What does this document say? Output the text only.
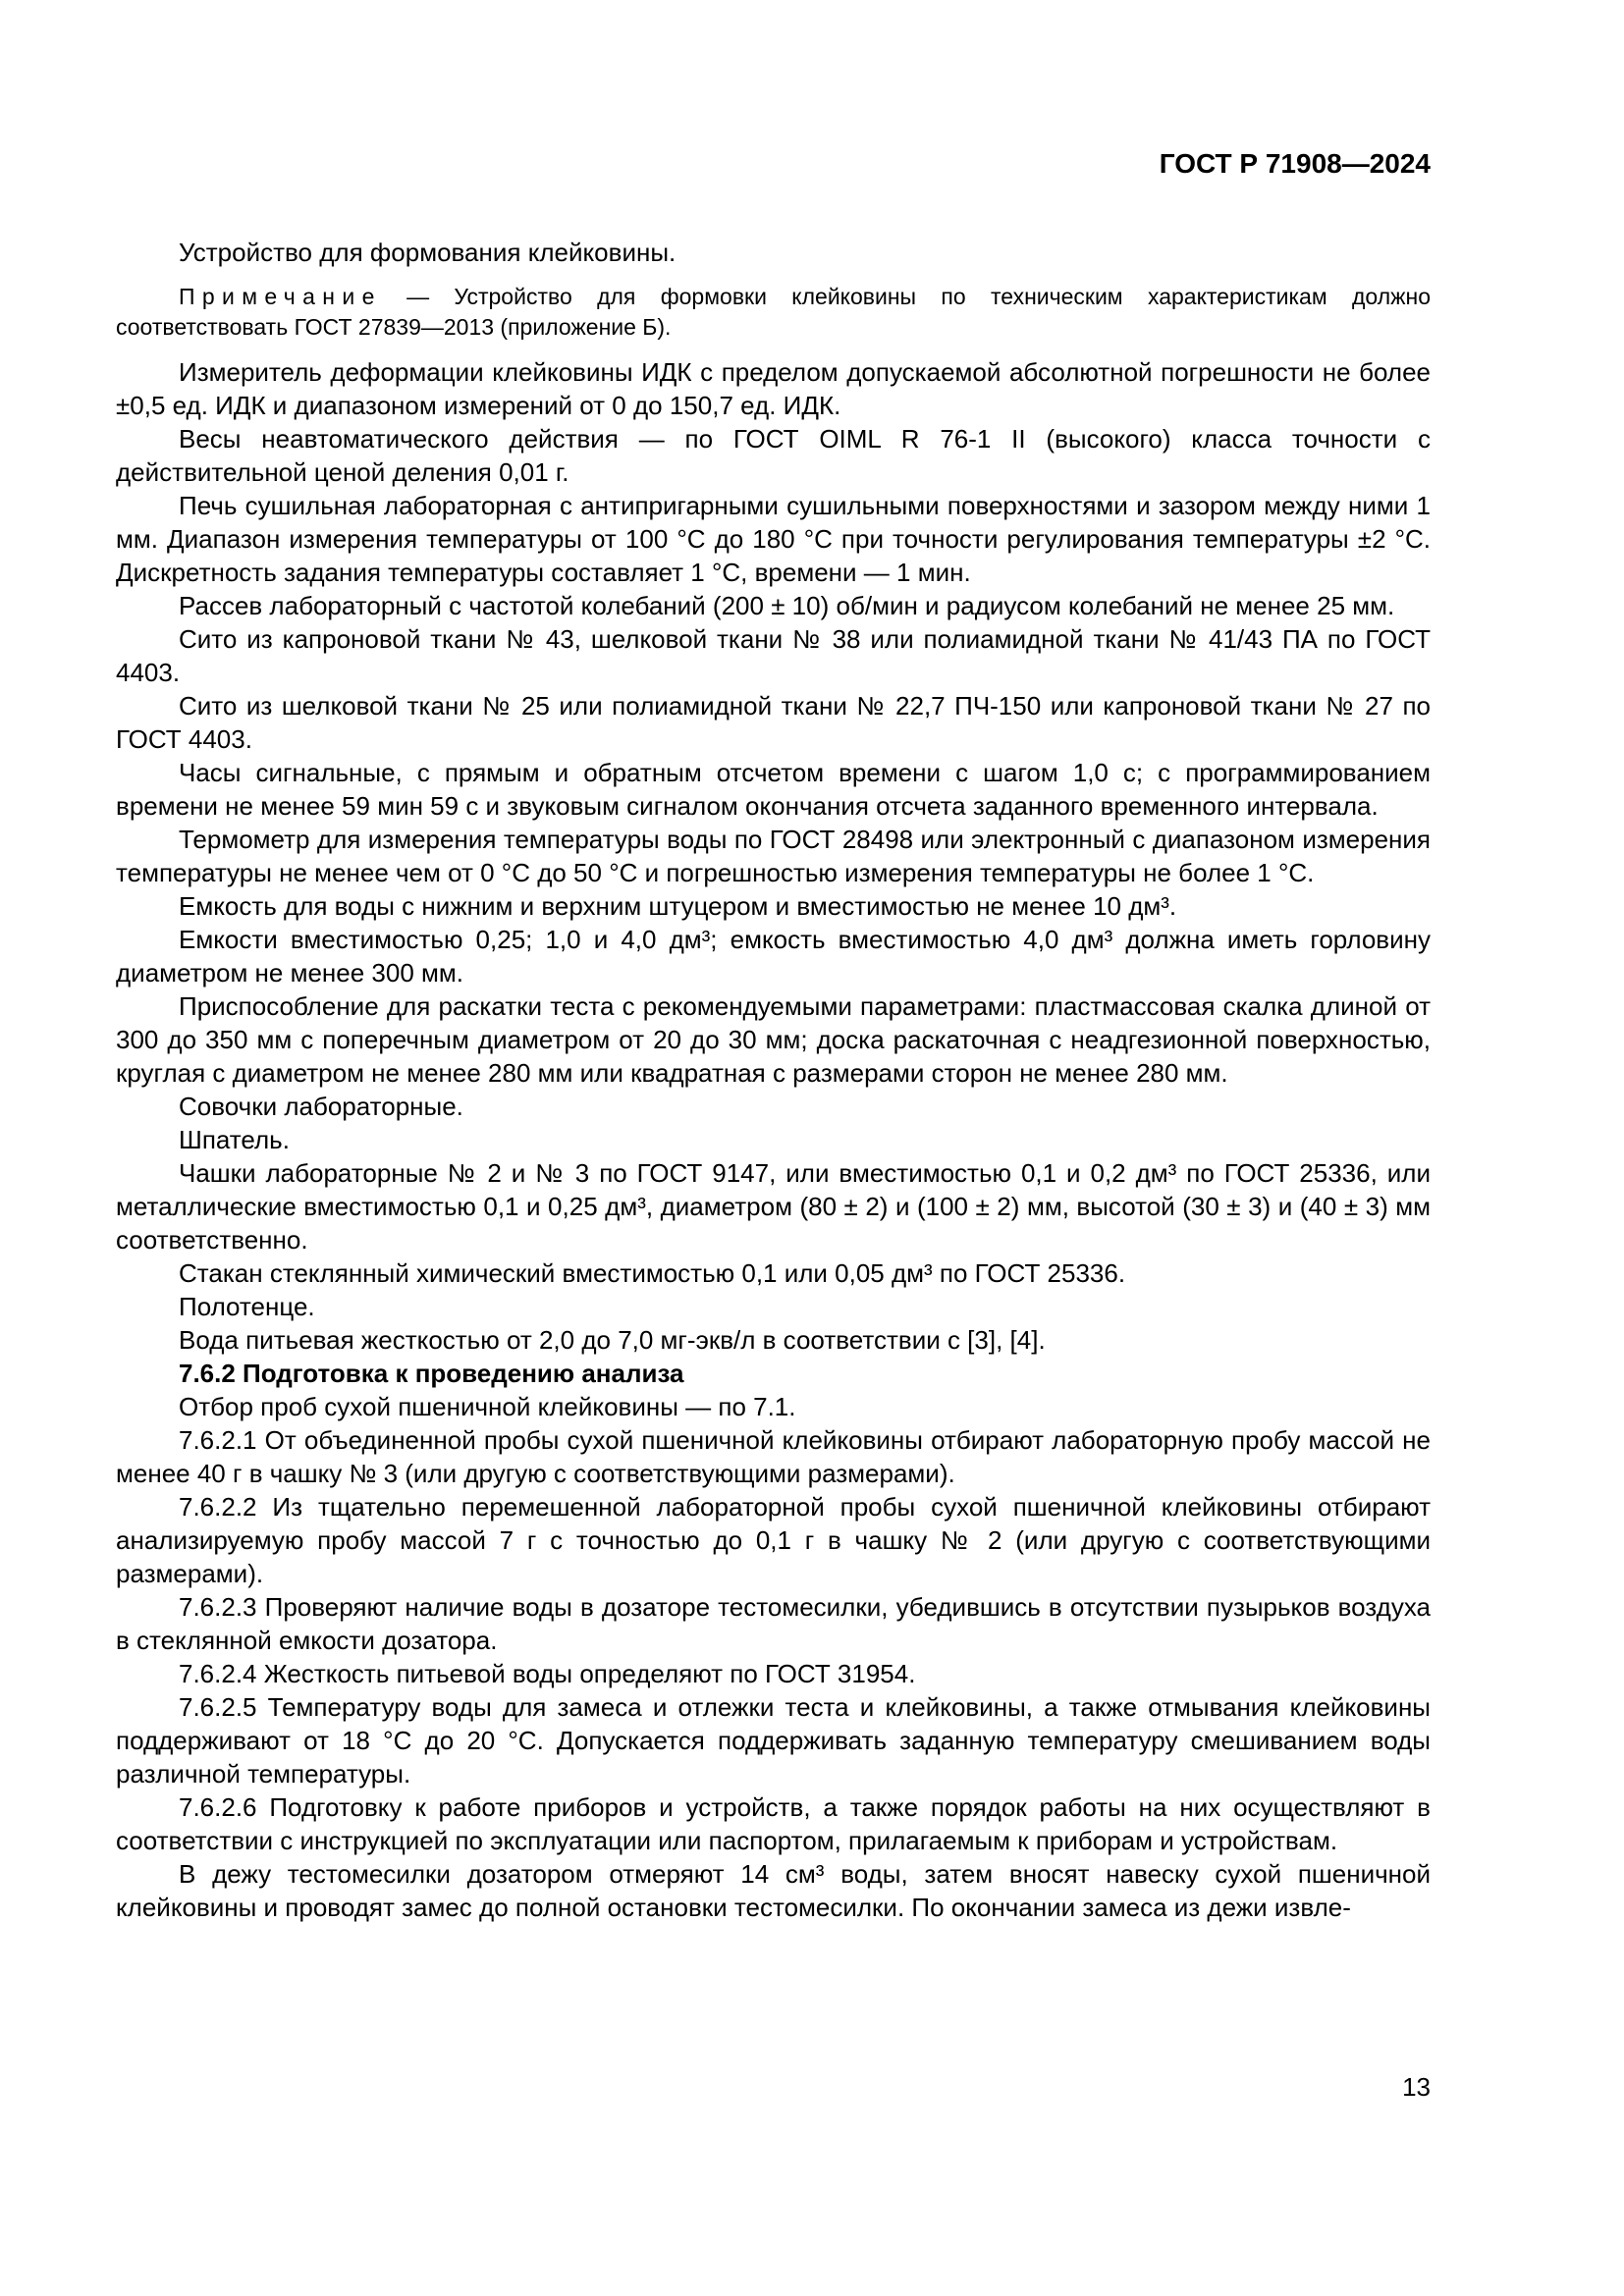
ГОСТ Р 71908—2024

Устройство для формования клейковины.

Примечание — Устройство для формовки клейковины по техническим характеристикам должно соответствовать ГОСТ 27839—2013 (приложение Б).

Измеритель деформации клейковины ИДК с пределом допускаемой абсолютной погрешности не более ±0,5 ед. ИДК и диапазоном измерений от 0 до 150,7 ед. ИДК.

Весы неавтоматического действия — по ГОСТ OIML R 76-1 II (высокого) класса точности с действительной ценой деления 0,01 г.

Печь сушильная лабораторная с антипригарными сушильными поверхностями и зазором между ними 1 мм. Диапазон измерения температуры от 100 °C до 180 °C при точности регулирования температуры ±2 °C. Дискретность задания температуры составляет 1 °C, времени — 1 мин.

Рассев лабораторный с частотой колебаний (200 ± 10) об/мин и радиусом колебаний не менее 25 мм.

Сито из капроновой ткани № 43, шелковой ткани № 38 или полиамидной ткани № 41/43 ПА по ГОСТ 4403.

Сито из шелковой ткани № 25 или полиамидной ткани № 22,7 ПЧ-150 или капроновой ткани № 27 по ГОСТ 4403.

Часы сигнальные, с прямым и обратным отсчетом времени с шагом 1,0 с; с программированием времени не менее 59 мин 59 с и звуковым сигналом окончания отсчета заданного временного интервала.

Термометр для измерения температуры воды по ГОСТ 28498 или электронный с диапазоном измерения температуры не менее чем от 0 °C до 50 °C и погрешностью измерения температуры не более 1 °C.

Емкость для воды с нижним и верхним штуцером и вместимостью не менее 10 дм³.

Емкости вместимостью 0,25; 1,0 и 4,0 дм³; емкость вместимостью 4,0 дм³ должна иметь горловину диаметром не менее 300 мм.

Приспособление для раскатки теста с рекомендуемыми параметрами: пластмассовая скалка длиной от 300 до 350 мм с поперечным диаметром от 20 до 30 мм; доска раскаточная с неадгезионной поверхностью, круглая с диаметром не менее 280 мм или квадратная с размерами сторон не менее 280 мм.

Совочки лабораторные.

Шпатель.

Чашки лабораторные № 2 и № 3 по ГОСТ 9147, или вместимостью 0,1 и 0,2 дм³ по ГОСТ 25336, или металлические вместимостью 0,1 и 0,25 дм³, диаметром (80 ± 2) и (100 ± 2) мм, высотой (30 ± 3) и (40 ± 3) мм соответственно.

Стакан стеклянный химический вместимостью 0,1 или 0,05 дм³ по ГОСТ 25336.

Полотенце.

Вода питьевая жесткостью от 2,0 до 7,0 мг-экв/л в соответствии с [3], [4].

7.6.2 Подготовка к проведению анализа

Отбор проб сухой пшеничной клейковины — по 7.1.

7.6.2.1 От объединенной пробы сухой пшеничной клейковины отбирают лабораторную пробу массой не менее 40 г в чашку № 3 (или другую с соответствующими размерами).

7.6.2.2 Из тщательно перемешенной лабораторной пробы сухой пшеничной клейковины отбирают анализируемую пробу массой 7 г с точностью до 0,1 г в чашку № 2 (или другую с соответствующими размерами).

7.6.2.3 Проверяют наличие воды в дозаторе тестомесилки, убедившись в отсутствии пузырьков воздуха в стеклянной емкости дозатора.

7.6.2.4 Жесткость питьевой воды определяют по ГОСТ 31954.

7.6.2.5 Температуру воды для замеса и отлежки теста и клейковины, а также отмывания клейковины поддерживают от 18 °C до 20 °C. Допускается поддерживать заданную температуру смешиванием воды различной температуры.

7.6.2.6 Подготовку к работе приборов и устройств, а также порядок работы на них осуществляют в соответствии с инструкцией по эксплуатации или паспортом, прилагаемым к приборам и устройствам.

В дежу тестомесилки дозатором отмеряют 14 см³ воды, затем вносят навеску сухой пшеничной клейковины и проводят замес до полной остановки тестомесилки. По окончании замеса из дежи извле-

13
